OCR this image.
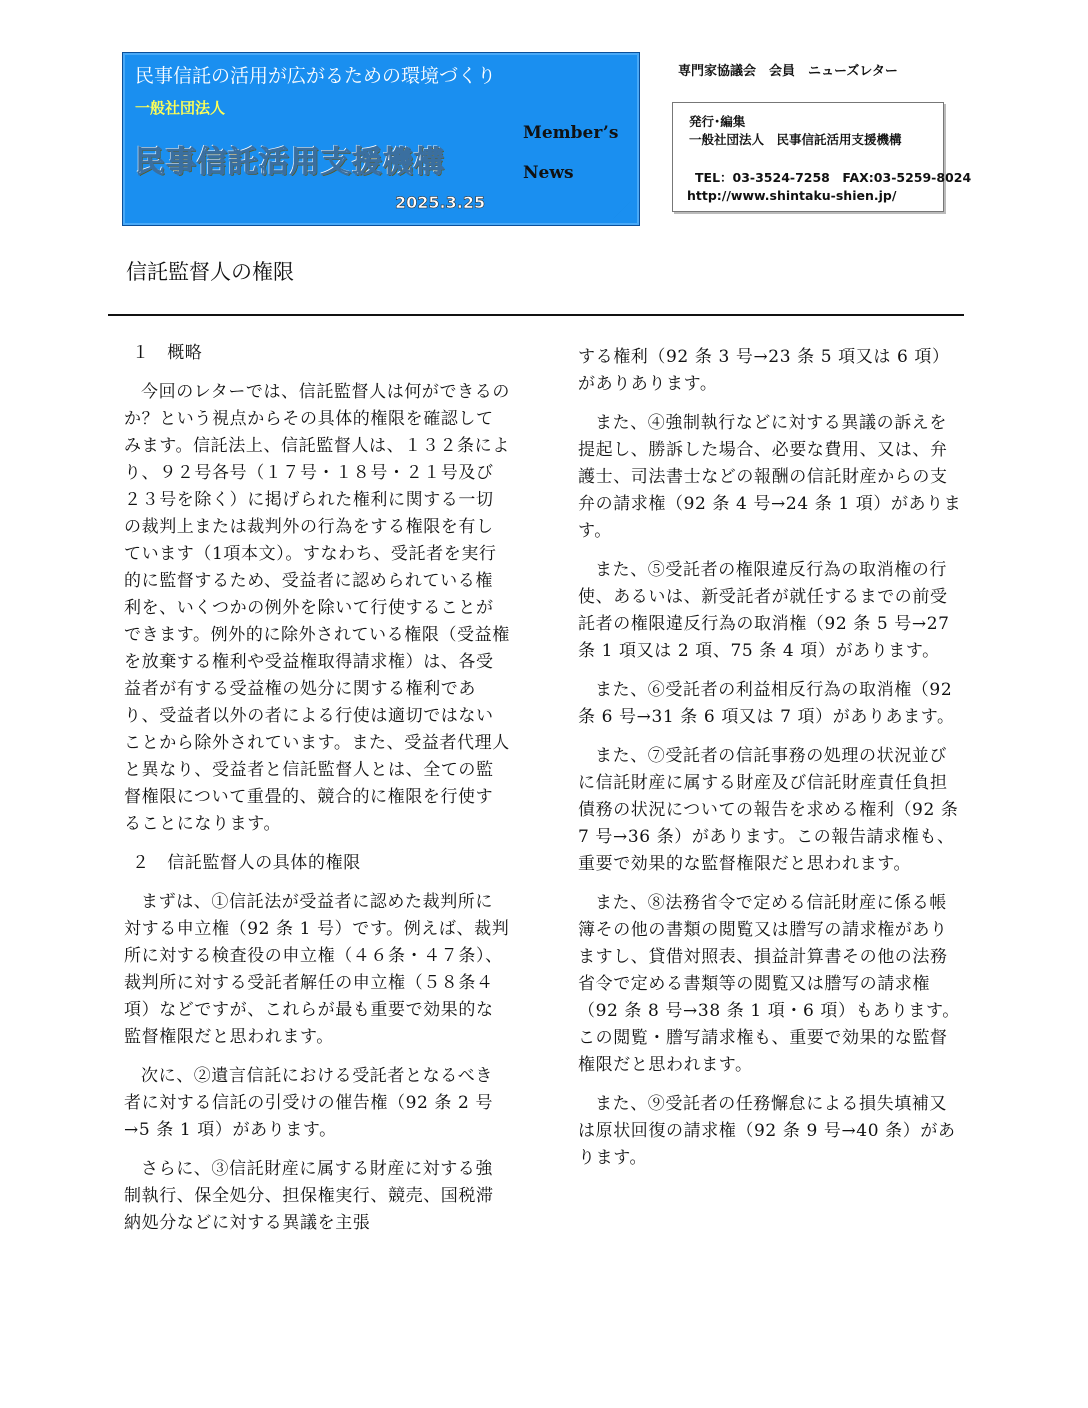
民事信託の活用が広がるための環境づくり
一般社団法人
民事信託活用支援機構
2025.3.25
Member’s
News
専門家協議会　会員　ニューズレター
発行･編集
一般社団法人　民事信託活用支援機構
TEL：03-3524-7258　FAX:03-5259-8024
http://www.shintaku-shien.jp/
信託監督人の権限

１　概略

今回のレターでは、信託監督人は何ができるのか？という視点からその具体的権限を確認してみます。信託法上、信託監督人は、１３２条により、９２号各号（１７号・１８号・２１号及び２３号を除く）に掲げられた権利に関する一切の裁判上または裁判外の行為をする権限を有しています（1項本文）。すなわち、受託者を実行的に監督するため、受益者に認められている権利を、いくつかの例外を除いて行使することができます。例外的に除外されている権限（受益権を放棄する権利や受益権取得請求権）は、各受益者が有する受益権の処分に関する権利であり、受益者以外の者による行使は適切ではないことから除外されています。また、受益者代理人と異なり、受益者と信託監督人とは、全ての監督権限について重畳的、競合的に権限を行使することになります。

２　信託監督人の具体的権限

まずは、①信託法が受益者に認めた裁判所に対する申立権（92 条 1 号）です。例えば、裁判所に対する検査役の申立権（４６条・４７条）、裁判所に対する受託者解任の申立権（５８条４項）などですが、これらが最も重要で効果的な監督権限だと思われます。

次に、②遺言信託における受託者となるべき者に対する信託の引受けの催告権（92 条 2 号→5 条 1 項）があります。

さらに、③信託財産に属する財産に対する強制執行、保全処分、担保権実行、競売、国税滞納処分などに対する異議を主張

する権利（92 条 3 号→23 条 5 項又は 6 項）がありあります。

また、④強制執行などに対する異議の訴えを提起し、勝訴した場合、必要な費用、又は、弁護士、司法書士などの報酬の信託財産からの支弁の請求権（92 条 4 号→24 条 1 項）があります。

また、⑤受託者の権限違反行為の取消権の行使、あるいは、新受託者が就任するまでの前受託者の権限違反行為の取消権（92 条 5 号→27 条 1 項又は 2 項、75 条 4 項）があります。

また、⑥受託者の利益相反行為の取消権（92 条 6 号→31 条 6 項又は 7 項）がありあます。

また、⑦受託者の信託事務の処理の状況並びに信託財産に属する財産及び信託財産責任負担債務の状況についての報告を求める権利（92 条 7 号→36 条）があります。この報告請求権も、重要で効果的な監督権限だと思われます。

また、⑧法務省令で定める信託財産に係る帳簿その他の書類の閲覧又は謄写の請求権がありますし、貸借対照表、損益計算書その他の法務省令で定める書類等の閲覧又は謄写の請求権（92 条 8 号→38 条 1 項・6 項）もあります。この閲覧・謄写請求権も、重要で効果的な監督権限だと思われます。

また、⑨受託者の任務懈怠による損失填補又は原状回復の請求権（92 条 9 号→40 条）があります。
